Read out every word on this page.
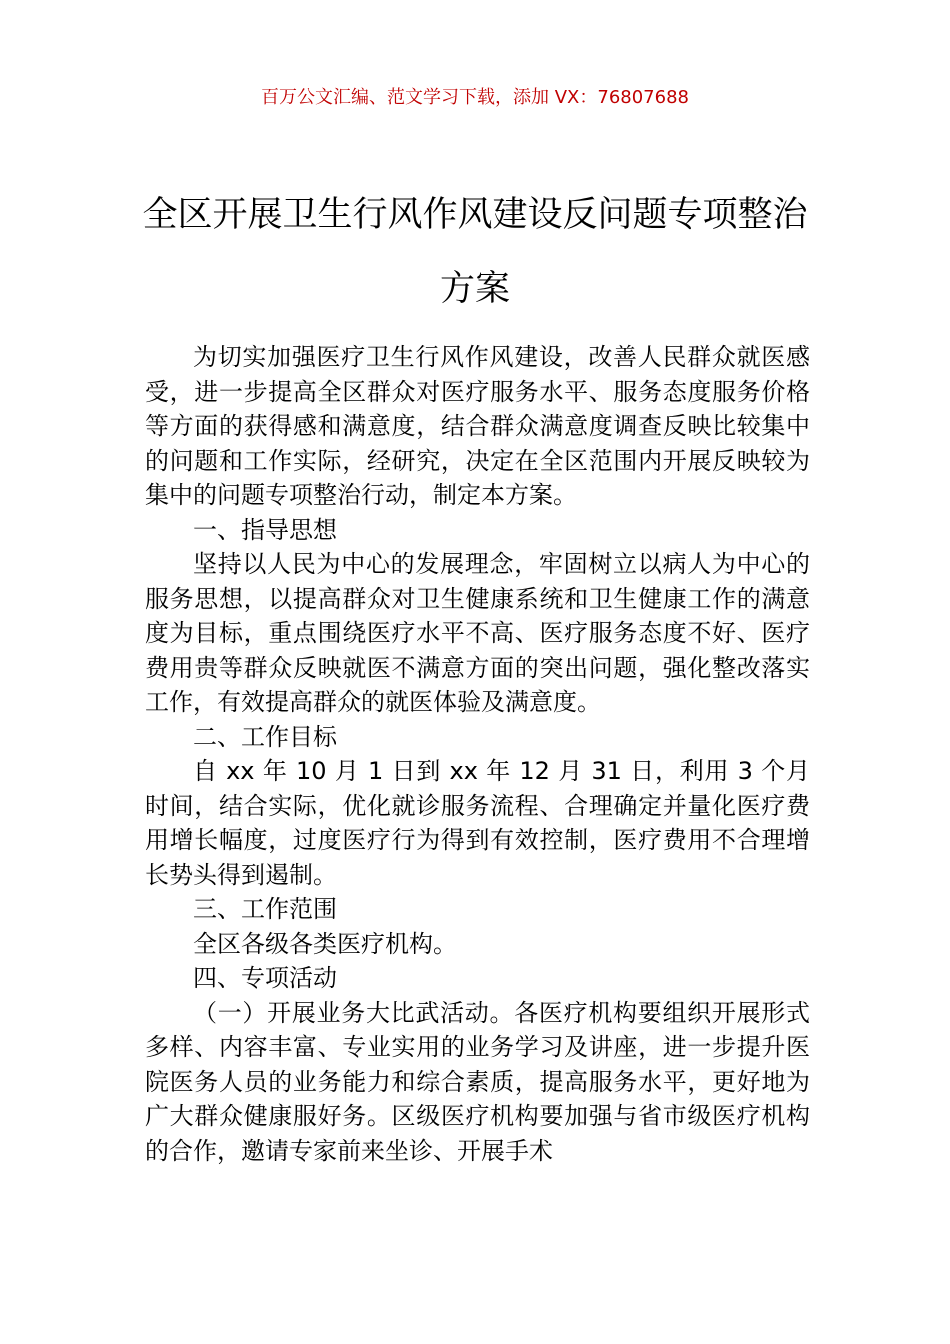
百万公文汇编、范文学习下载，添加 VX：76807688
全区开展卫生行风作风建设反问题专项整治方案

为切实加强医疗卫生行风作风建设，改善人民群众就医感受，进一步提高全区群众对医疗服务水平、服务态度服务价格等方面的获得感和满意度，结合群众满意度调查反映比较集中的问题和工作实际，经研究，决定在全区范围内开展反映较为集中的问题专项整治行动，制定本方案。

一、指导思想

坚持以人民为中心的发展理念，牢固树立以病人为中心的服务思想，以提高群众对卫生健康系统和卫生健康工作的满意度为目标，重点围绕医疗水平不高、医疗服务态度不好、医疗费用贵等群众反映就医不满意方面的突出问题，强化整改落实工作，有效提高群众的就医体验及满意度。

二、工作目标

自 xx 年 10 月 1 日到 xx 年 12 月 31 日，利用 3 个月时间，结合实际，优化就诊服务流程、合理确定并量化医疗费用增长幅度，过度医疗行为得到有效控制，医疗费用不合理增长势头得到遏制。

三、工作范围

全区各级各类医疗机构。

四、专项活动

（一）开展业务大比武活动。各医疗机构要组织开展形式多样、内容丰富、专业实用的业务学习及讲座，进一步提升医院医务人员的业务能力和综合素质，提高服务水平，更好地为广大群众健康服好务。区级医疗机构要加强与省市级医疗机构的合作，邀请专家前来坐诊、开展手术
